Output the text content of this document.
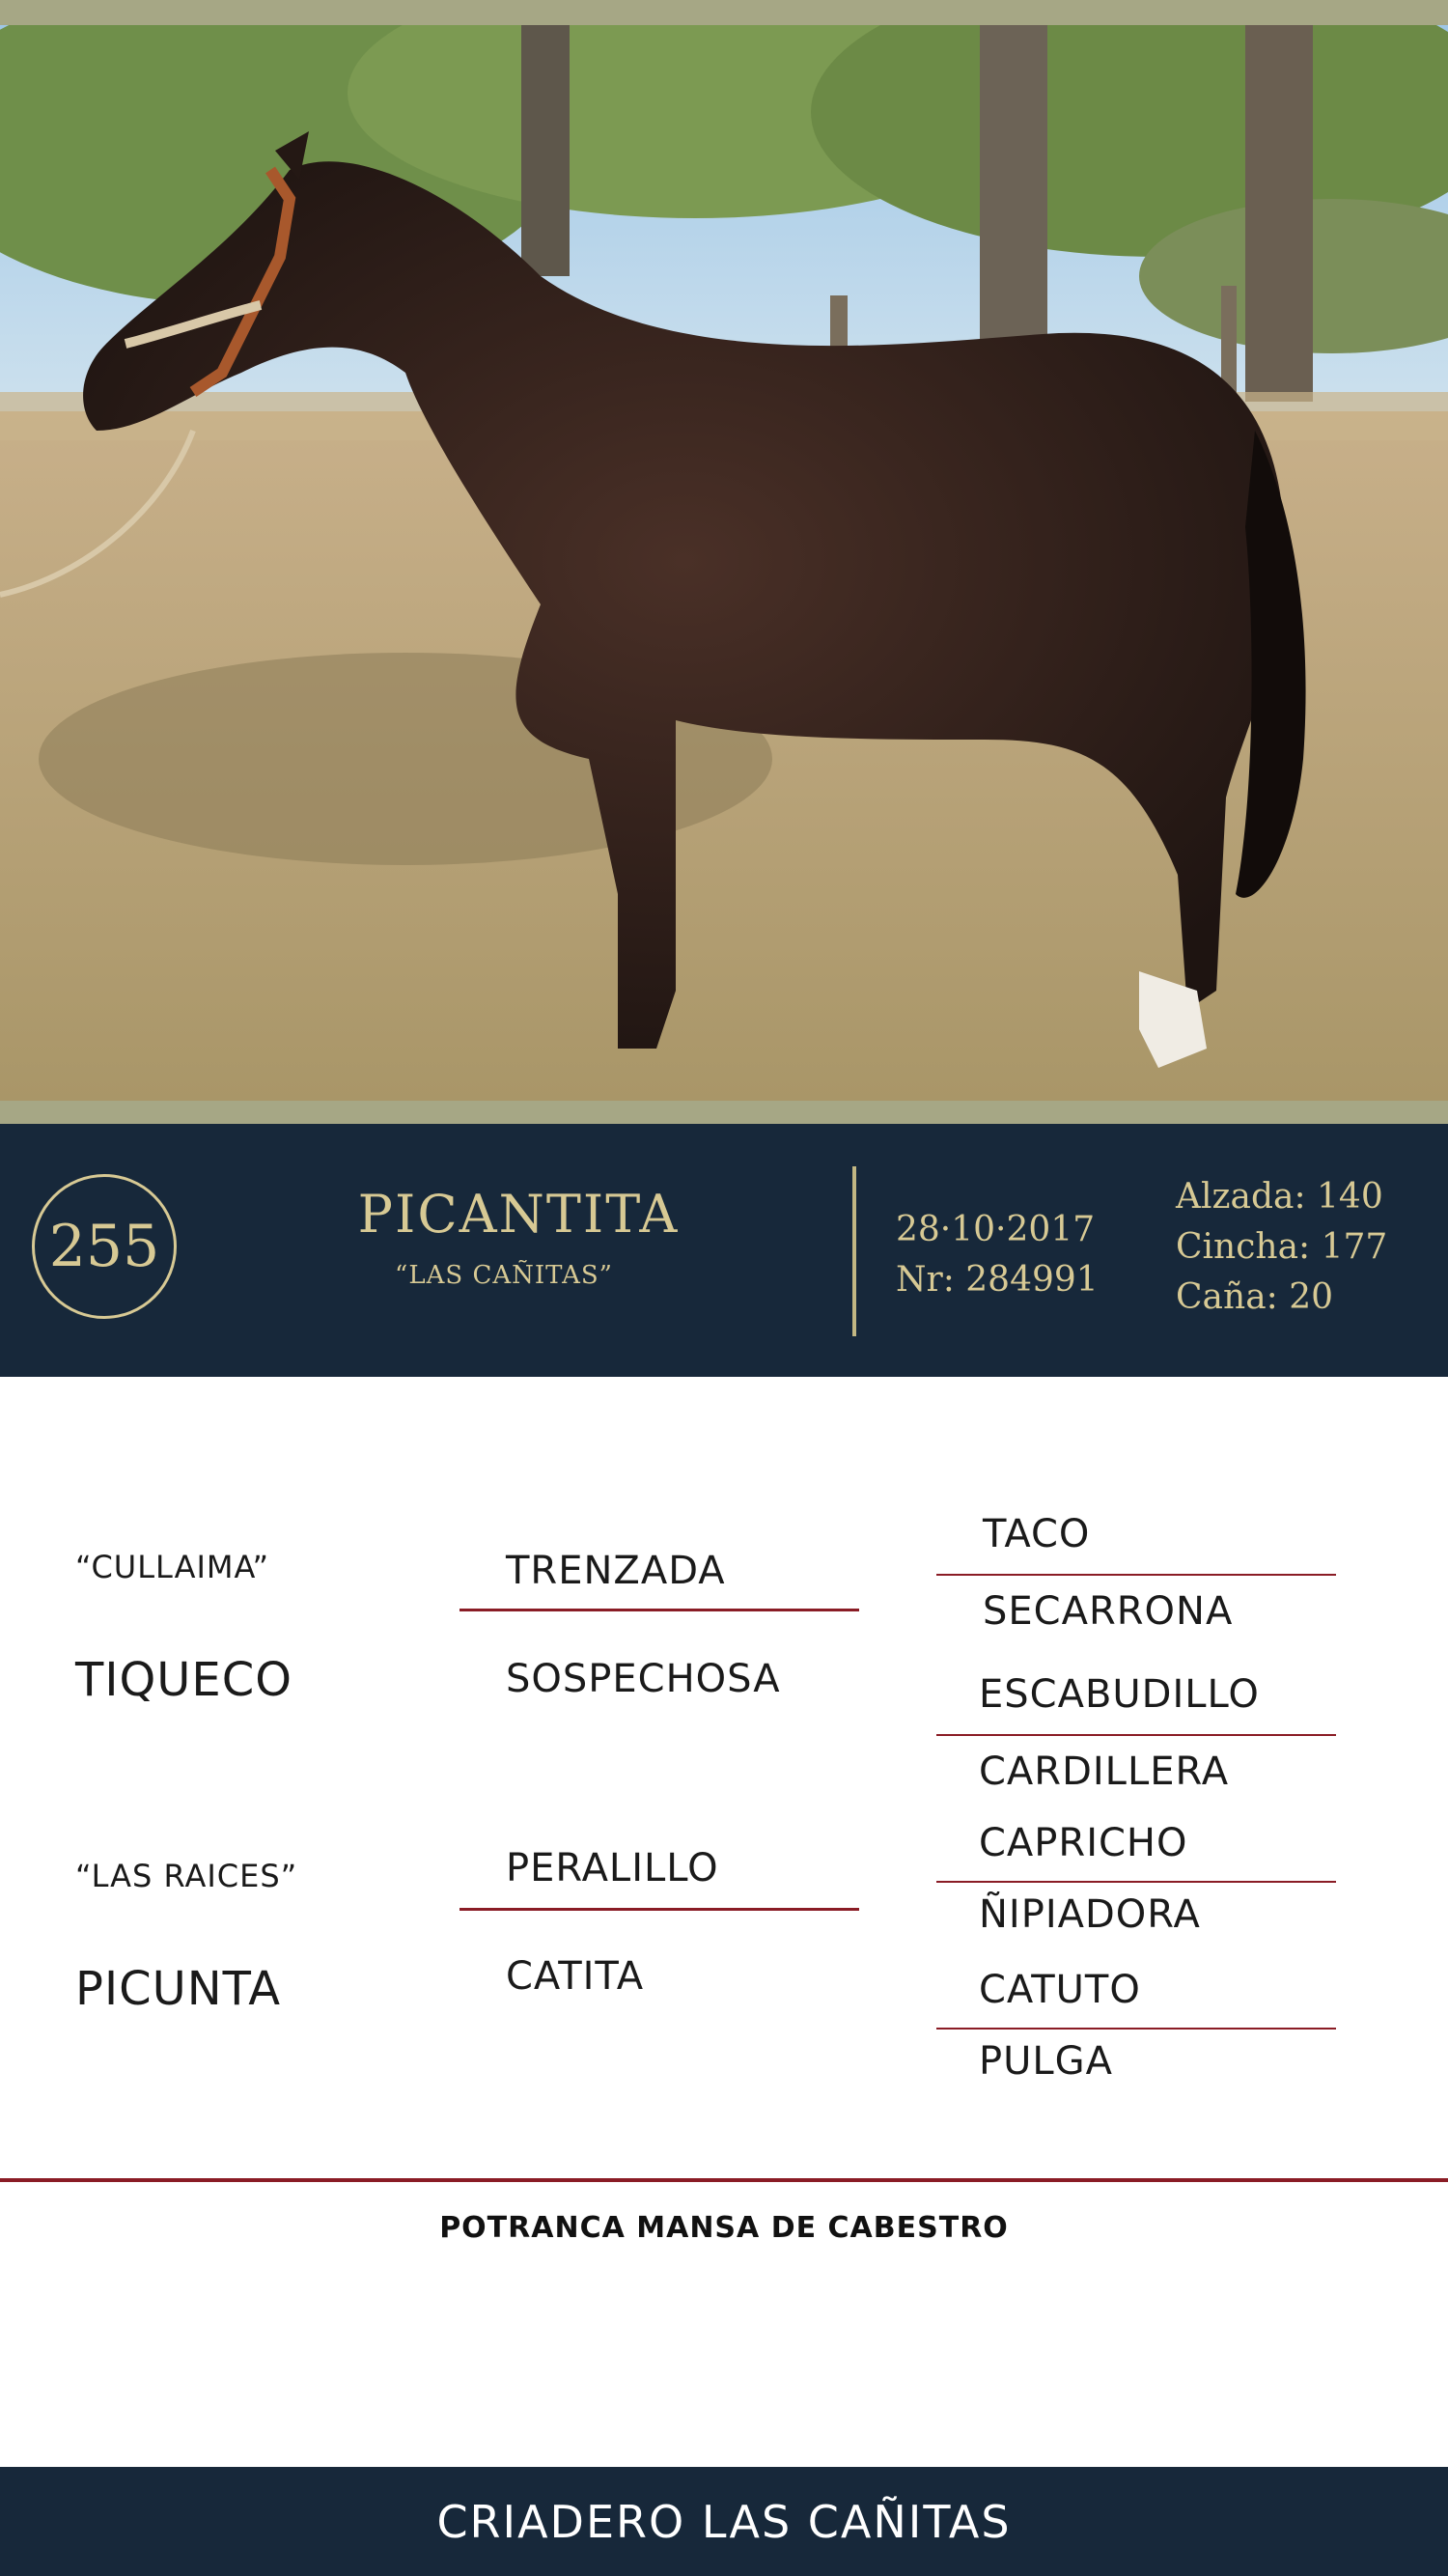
255	PICANTITA
“LAS CAÑITAS”
28·10·2017
Nr: 284991
Alzada: 140
Cincha: 177
Caña: 20
“CULLAIMA”
TIQUECO
“LAS RAICES”
PICUNTA
TRENZADA
SOSPECHOSA
PERALILLO
CATITA
TACO
SECARRONA
ESCABUDILLO
CARDILLERA
CAPRICHO
ÑIPIADORA
CATUTO
PULGA
POTRANCA MANSA DE CABESTRO
CRIADERO LAS CAÑITAS
